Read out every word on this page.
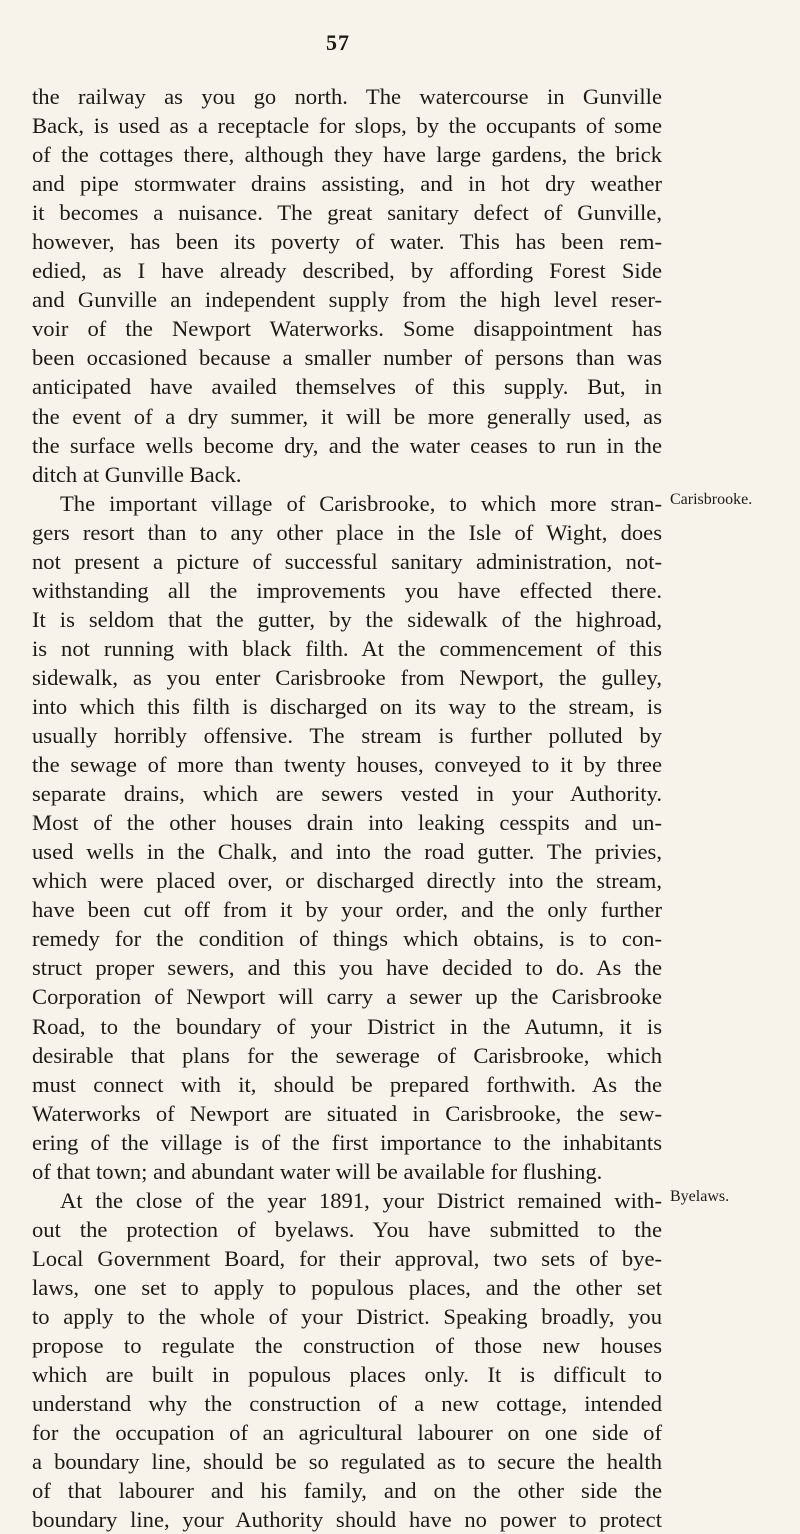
57
the railway as you go north. The watercourse in Gunville
Back, is used as a receptacle for slops, by the occupants of some
of the cottages there, although they have large gardens, the brick
and pipe stormwater drains assisting, and in hot dry weather
it becomes a nuisance. The great sanitary defect of Gunville,
however, has been its poverty of water. This has been rem-
edied, as I have already described, by affording Forest Side
and Gunville an independent supply from the high level reser-
voir of the Newport Waterworks. Some disappointment has
been occasioned because a smaller number of persons than was
anticipated have availed themselves of this supply. But, in
the event of a dry summer, it will be more generally used, as
the surface wells become dry, and the water ceases to run in the
ditch at Gunville Back.
The important village of Carisbrooke, to which more stran-
gers resort than to any other place in the Isle of Wight, does
not present a picture of successful sanitary administration, not-
withstanding all the improvements you have effected there.
It is seldom that the gutter, by the sidewalk of the highroad,
is not running with black filth. At the commencement of this
sidewalk, as you enter Carisbrooke from Newport, the gulley,
into which this filth is discharged on its way to the stream, is
usually horribly offensive. The stream is further polluted by
the sewage of more than twenty houses, conveyed to it by three
separate drains, which are sewers vested in your Authority.
Most of the other houses drain into leaking cesspits and un-
used wells in the Chalk, and into the road gutter. The privies,
which were placed over, or discharged directly into the stream,
have been cut off from it by your order, and the only further
remedy for the condition of things which obtains, is to con-
struct proper sewers, and this you have decided to do. As the
Corporation of Newport will carry a sewer up the Carisbrooke
Road, to the boundary of your District in the Autumn, it is
desirable that plans for the sewerage of Carisbrooke, which
must connect with it, should be prepared forthwith. As the
Waterworks of Newport are situated in Carisbrooke, the sew-
ering of the village is of the first importance to the inhabitants
of that town; and abundant water will be available for flushing.
At the close of the year 1891, your District remained with-
out the protection of byelaws. You have submitted to the
Local Government Board, for their approval, two sets of bye-
laws, one set to apply to populous places, and the other set
to apply to the whole of your District. Speaking broadly, you
propose to regulate the construction of those new houses
which are built in populous places only. It is difficult to
understand why the construction of a new cottage, intended
for the occupation of an agricultural labourer on one side of
a boundary line, should be so regulated as to secure the health
of that labourer and his family, and on the other side the
boundary line, your Authority should have no power to protect
Carisbrooke.
Byelaws.
